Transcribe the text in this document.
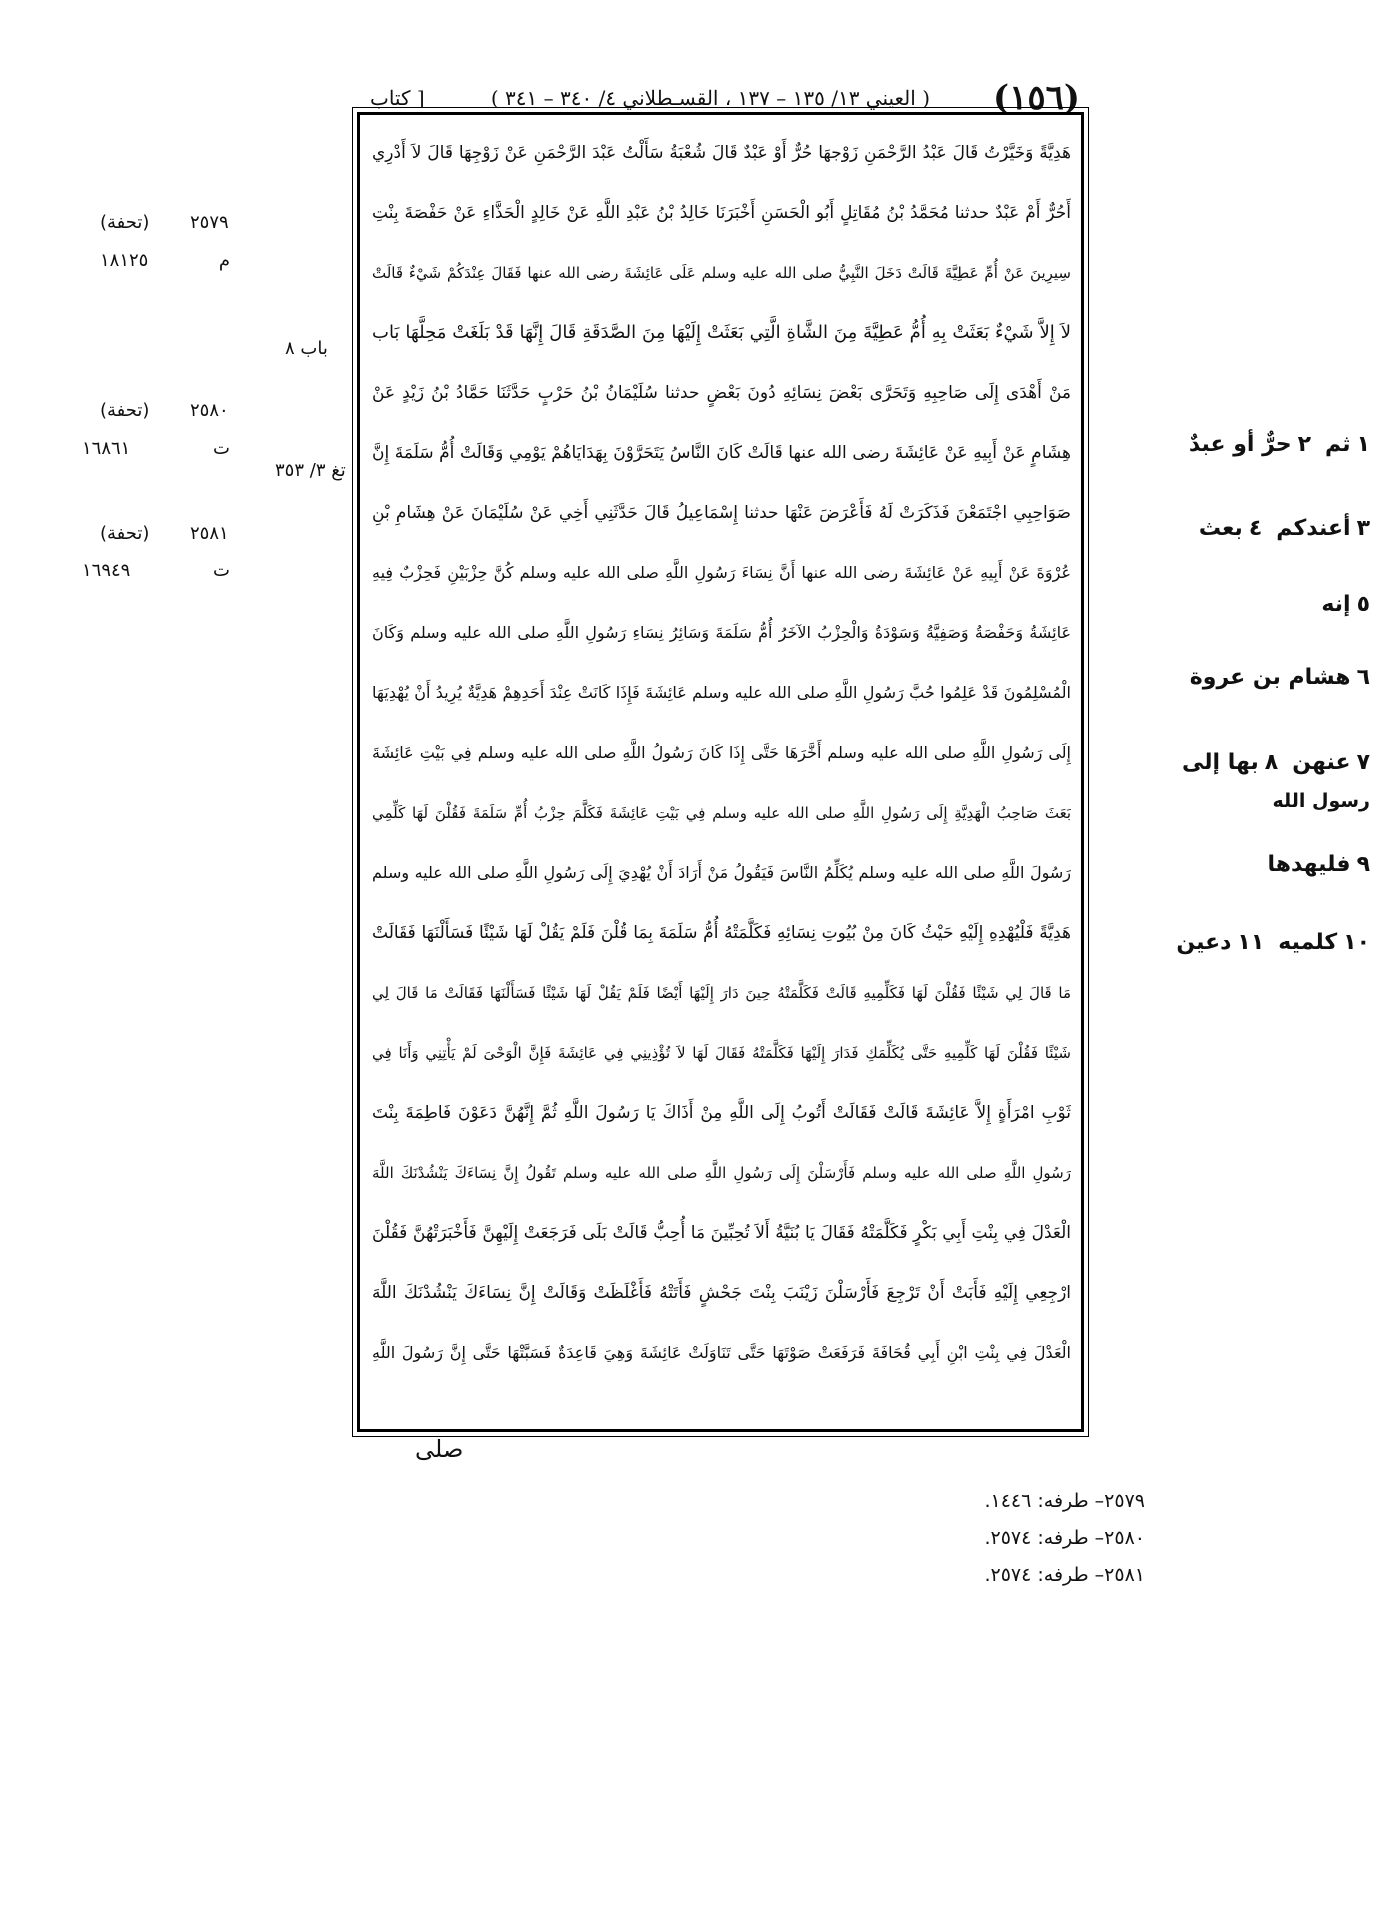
(١٥٦)
( العيني ١٣/ ١٣٥ – ١٣٧ ، القسـطلاني ٤/ ٣٤٠ – ٣٤١ )
[ كتاب
هَدِيَّةً وَخَيَّرْتُ قَالَ عَبْدُ الرَّحْمَنِ زَوْجهَا حُرٌّ أَوْ عَبْدٌ قَالَ شُعْبَةُ سَأَلْتُ عَبْدَ الرَّحْمَنِ عَنْ زَوْجِهَا قَالَ لاَ أَدْرِي
أَحُرٌّ أَمْ عَبْدٌ حدثنا مُحَمَّدُ بْنُ مُقَاتِلٍ أَبُو الْحَسَنِ أَخْبَرَنَا خَالِدُ بْنُ عَبْدِ اللَّهِ عَنْ خَالِدٍ الْحَذَّاءِ عَنْ حَفْصَةَ بِنْتِ
سِيرِينَ عَنْ أُمِّ عَطِيَّةَ قَالَتْ دَخَلَ النَّبِيُّ صلى الله عليه وسلم عَلَى عَائِشَةَ رضى الله عنها فَقَالَ عِنْدَكُمْ شَيْءٌ قَالَتْ
لاَ إِلاَّ شَيْءٌ بَعَثَتْ بِهِ أُمُّ عَطِيَّةَ مِنَ الشَّاةِ الَّتِي بَعَثَتْ إِلَيْهَا مِنَ الصَّدَقَةِ قَالَ إِنَّهَا قَدْ بَلَغَتْ مَحِلَّهَا بَاب
مَنْ أَهْدَى إِلَى صَاحِبِهِ وَتَحَرَّى بَعْضَ نِسَائِهِ دُونَ بَعْضٍ حدثنا سُلَيْمَانُ بْنُ حَرْبٍ حَدَّثَنَا حَمَّادُ بْنُ زَيْدٍ عَنْ
هِشَامٍ عَنْ أَبِيهِ عَنْ عَائِشَةَ رضى الله عنها قَالَتْ كَانَ النَّاسُ يَتَحَرَّوْنَ بِهَدَايَاهُمْ يَوْمِي وَقَالَتْ أُمُّ سَلَمَةَ إِنَّ
صَوَاحِبِي اجْتَمَعْنَ فَذَكَرَتْ لَهُ فَأَعْرَضَ عَنْهَا حدثنا إِسْمَاعِيلُ قَالَ حَدَّثَنِي أَخِي عَنْ سُلَيْمَانَ عَنْ هِشَامِ بْنِ
عُرْوَةَ عَنْ أَبِيهِ عَنْ عَائِشَةَ رضى الله عنها أَنَّ نِسَاءَ رَسُولِ اللَّهِ صلى الله عليه وسلم كُنَّ حِزْبَيْنِ فَحِزْبٌ فِيهِ
عَائِشَةُ وَحَفْصَةُ وَصَفِيَّةُ وَسَوْدَةُ وَالْحِزْبُ الآخَرُ أُمُّ سَلَمَةَ وَسَائِرُ نِسَاءِ رَسُولِ اللَّهِ صلى الله عليه وسلم وَكَانَ
الْمُسْلِمُونَ قَدْ عَلِمُوا حُبَّ رَسُولِ اللَّهِ صلى الله عليه وسلم عَائِشَةَ فَإِذَا كَانَتْ عِنْدَ أَحَدِهِمْ هَدِيَّةٌ يُرِيدُ أَنْ يُهْدِيَهَا
إِلَى رَسُولِ اللَّهِ صلى الله عليه وسلم أَخَّرَهَا حَتَّى إِذَا كَانَ رَسُولُ اللَّهِ صلى الله عليه وسلم فِي بَيْتِ عَائِشَةَ
بَعَثَ صَاحِبُ الْهَدِيَّةِ إِلَى رَسُولِ اللَّهِ صلى الله عليه وسلم فِي بَيْتِ عَائِشَةَ فَكَلَّمَ حِزْبُ أُمِّ سَلَمَةَ فَقُلْنَ لَهَا كَلِّمِي
رَسُولَ اللَّهِ صلى الله عليه وسلم يُكَلِّمُ النَّاسَ فَيَقُولُ مَنْ أَرَادَ أَنْ يُهْدِيَ إِلَى رَسُولِ اللَّهِ صلى الله عليه وسلم
هَدِيَّةً فَلْيُهْدِهِ إِلَيْهِ حَيْثُ كَانَ مِنْ بُيُوتِ نِسَائِهِ فَكَلَّمَتْهُ أُمُّ سَلَمَةَ بِمَا قُلْنَ فَلَمْ يَقُلْ لَهَا شَيْئًا فَسَأَلْنَهَا فَقَالَتْ
مَا قَالَ لِي شَيْئًا فَقُلْنَ لَهَا فَكَلِّمِيهِ قَالَتْ فَكَلَّمَتْهُ حِينَ دَارَ إِلَيْهَا أَيْضًا فَلَمْ يَقُلْ لَهَا شَيْئًا فَسَأَلْنَهَا فَقَالَتْ مَا قَالَ لِي
شَيْئًا فَقُلْنَ لَهَا كَلِّمِيهِ حَتَّى يُكَلِّمَكِ فَدَارَ إِلَيْهَا فَكَلَّمَتْهُ فَقَالَ لَهَا لاَ تُؤْذِينِي فِي عَائِشَةَ فَإِنَّ الْوَحْىَ لَمْ يَأْتِنِي وَأَنَا فِي
ثَوْبِ امْرَأَةٍ إِلاَّ عَائِشَةَ قَالَتْ فَقَالَتْ أَتُوبُ إِلَى اللَّهِ مِنْ أَذَاكَ يَا رَسُولَ اللَّهِ ثُمَّ إِنَّهُنَّ دَعَوْنَ فَاطِمَةَ بِنْتَ
رَسُولِ اللَّهِ صلى الله عليه وسلم فَأَرْسَلْنَ إِلَى رَسُولِ اللَّهِ صلى الله عليه وسلم تَقُولُ إِنَّ نِسَاءَكَ يَنْشُدْنَكَ اللَّهَ
الْعَدْلَ فِي بِنْتِ أَبِي بَكْرٍ فَكَلَّمَتْهُ فَقَالَ يَا بُنَيَّةُ أَلاَ تُحِبِّينَ مَا أُحِبُّ قَالَتْ بَلَى فَرَجَعَتْ إِلَيْهِنَّ فَأَخْبَرَتْهُنَّ فَقُلْنَ
ارْجِعِي إِلَيْهِ فَأَبَتْ أَنْ تَرْجِعَ فَأَرْسَلْنَ زَيْنَبَ بِنْتَ جَحْشٍ فَأَتَتْهُ فَأَغْلَظَتْ وَقَالَتْ إِنَّ نِسَاءَكَ يَنْشُدْنَكَ اللَّهَ
الْعَدْلَ فِي بِنْتِ ابْنِ أَبِي قُحَافَةَ فَرَفَعَتْ صَوْتَهَا حَتَّى تَنَاوَلَتْ عَائِشَةَ وَهِيَ قَاعِدَةٌ فَسَبَّتْهَا حَتَّى إِنَّ رَسُولَ اللَّهِ
صلى
١ثم٢حرٌّ أو عبدٌ
٣أعندكم٤بعث
٥إنه
٦هشام بن عروة
٧عنهن٨بها إلى
رسول الله
٩فليهدها
١٠كلميه١١دعين
(تحفة) ٢٥٧٩
م ١٨١٢٥
باب ٨
(تحفة) ٢٥٨٠
ت ١٦٨٦١
تغ ٣/ ٣٥٣
(تحفة) ٢٥٨١
ت ١٦٩٤٩
٢٥٧٩– طرفه: ١٤٤٦.
٢٥٨٠– طرفه: ٢٥٧٤.
٢٥٨١– طرفه: ٢٥٧٤.
